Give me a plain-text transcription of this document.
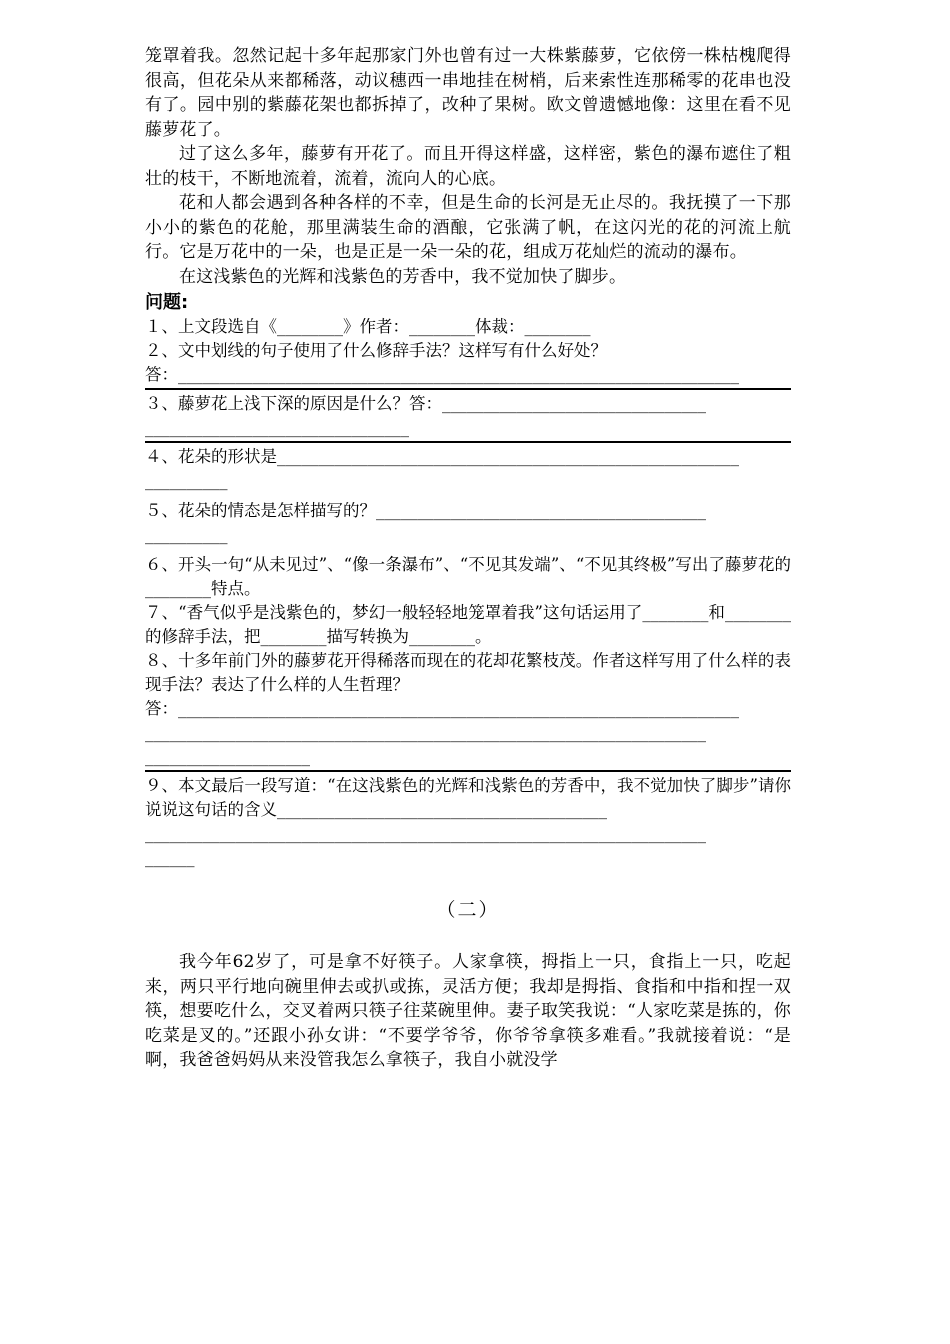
笼罩着我。忽然记起十多年起那家门外也曾有过一大株紫藤萝，它依傍一株枯槐爬得很高，但花朵从来都稀落，动议穗西一串地挂在树梢，后来索性连那稀零的花串也没有了。园中别的紫藤花架也都拆掉了，改种了果树。欧文曾遗憾地像：这里在看不见藤萝花了。

过了这么多年，藤萝有开花了。而且开得这样盛，这样密，紫色的瀑布遮住了粗壮的枝干，不断地流着，流着，流向人的心底。

花和人都会遇到各种各样的不幸，但是生命的长河是无止尽的。我抚摸了一下那小小的紫色的花舱，那里满装生命的酒酿，它张满了帆，在这闪光的花的河流上航行。它是万花中的一朵，也是正是一朵一朵的花，组成万花灿烂的流动的瀑布。

在这浅紫色的光辉和浅紫色的芳香中，我不觉加快了脚步。

问题:

１、上文段选自《________》作者：________体裁：________

２、文中划线的句子使用了什么修辞手法？这样写有什么好处？

答：____________________________________________________________________

３、藤萝花上浅下深的原因是什么？答：________________________________

________________________________

４、花朵的形状是________________________________________________________

__________

５、花朵的情态是怎样描写的？________________________________________

__________

６、开头一句“从未见过”、“像一条瀑布”、“不见其发端”、“不见其终极”写出了藤萝花的________特点。

７、“香气似乎是浅紫色的，梦幻一般轻轻地笼罩着我”这句话运用了________和________的修辞手法，把________描写转换为________。

８、十多年前门外的藤萝花开得稀落而现在的花却花繁枝茂。作者这样写用了什么样的表现手法？表达了什么样的人生哲理？

答：____________________________________________________________________

____________________________________________________________________

____________________

９、本文最后一段写道：“在这浅紫色的光辉和浅紫色的芳香中，我不觉加快了脚步”请你说说这句话的含义________________________________________

____________________________________________________________________

______

（二）

我今年62岁了，可是拿不好筷子。人家拿筷，拇指上一只，食指上一只，吃起来，两只平行地向碗里伸去或扒或拣，灵活方便；我却是拇指、食指和中指和捏一双筷，想要吃什么，交叉着两只筷子往菜碗里伸。妻子取笑我说：“人家吃菜是拣的，你吃菜是叉的。”还跟小孙女讲：“不要学爷爷，你爷爷拿筷多难看。”我就接着说：“是啊，我爸爸妈妈从来没管我怎么拿筷子，我自小就没学
